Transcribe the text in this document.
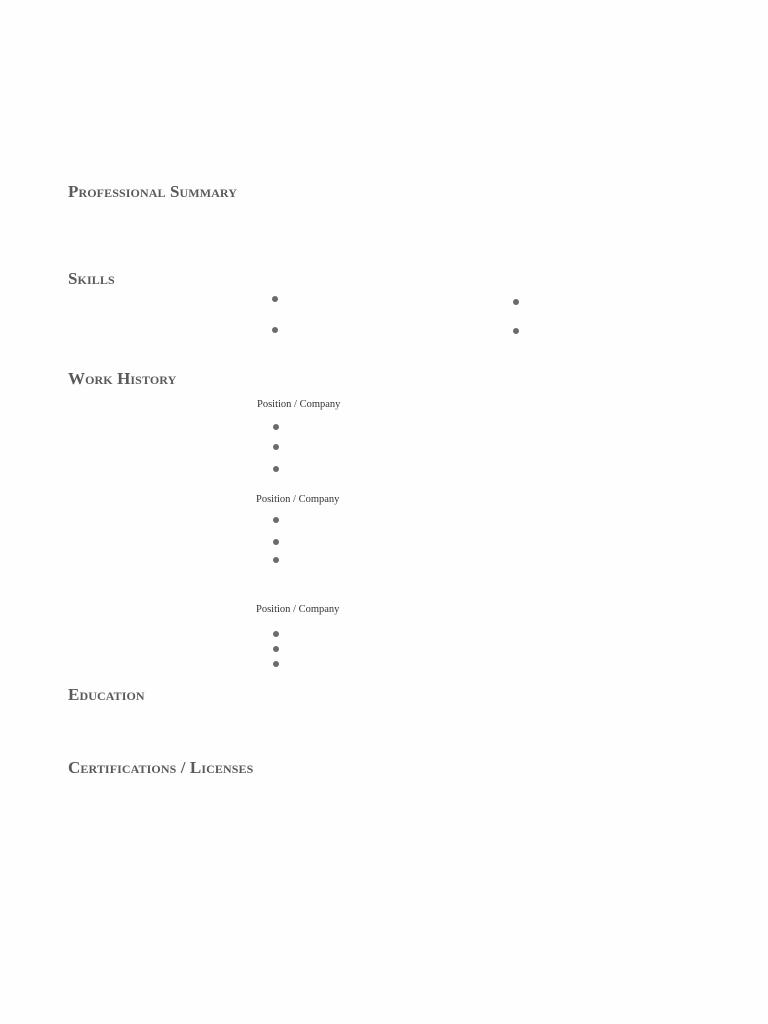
Professional Summary
Skills
Work History
Education
Certifications / Licenses

Position / Company

Position / Company

Position / Company
